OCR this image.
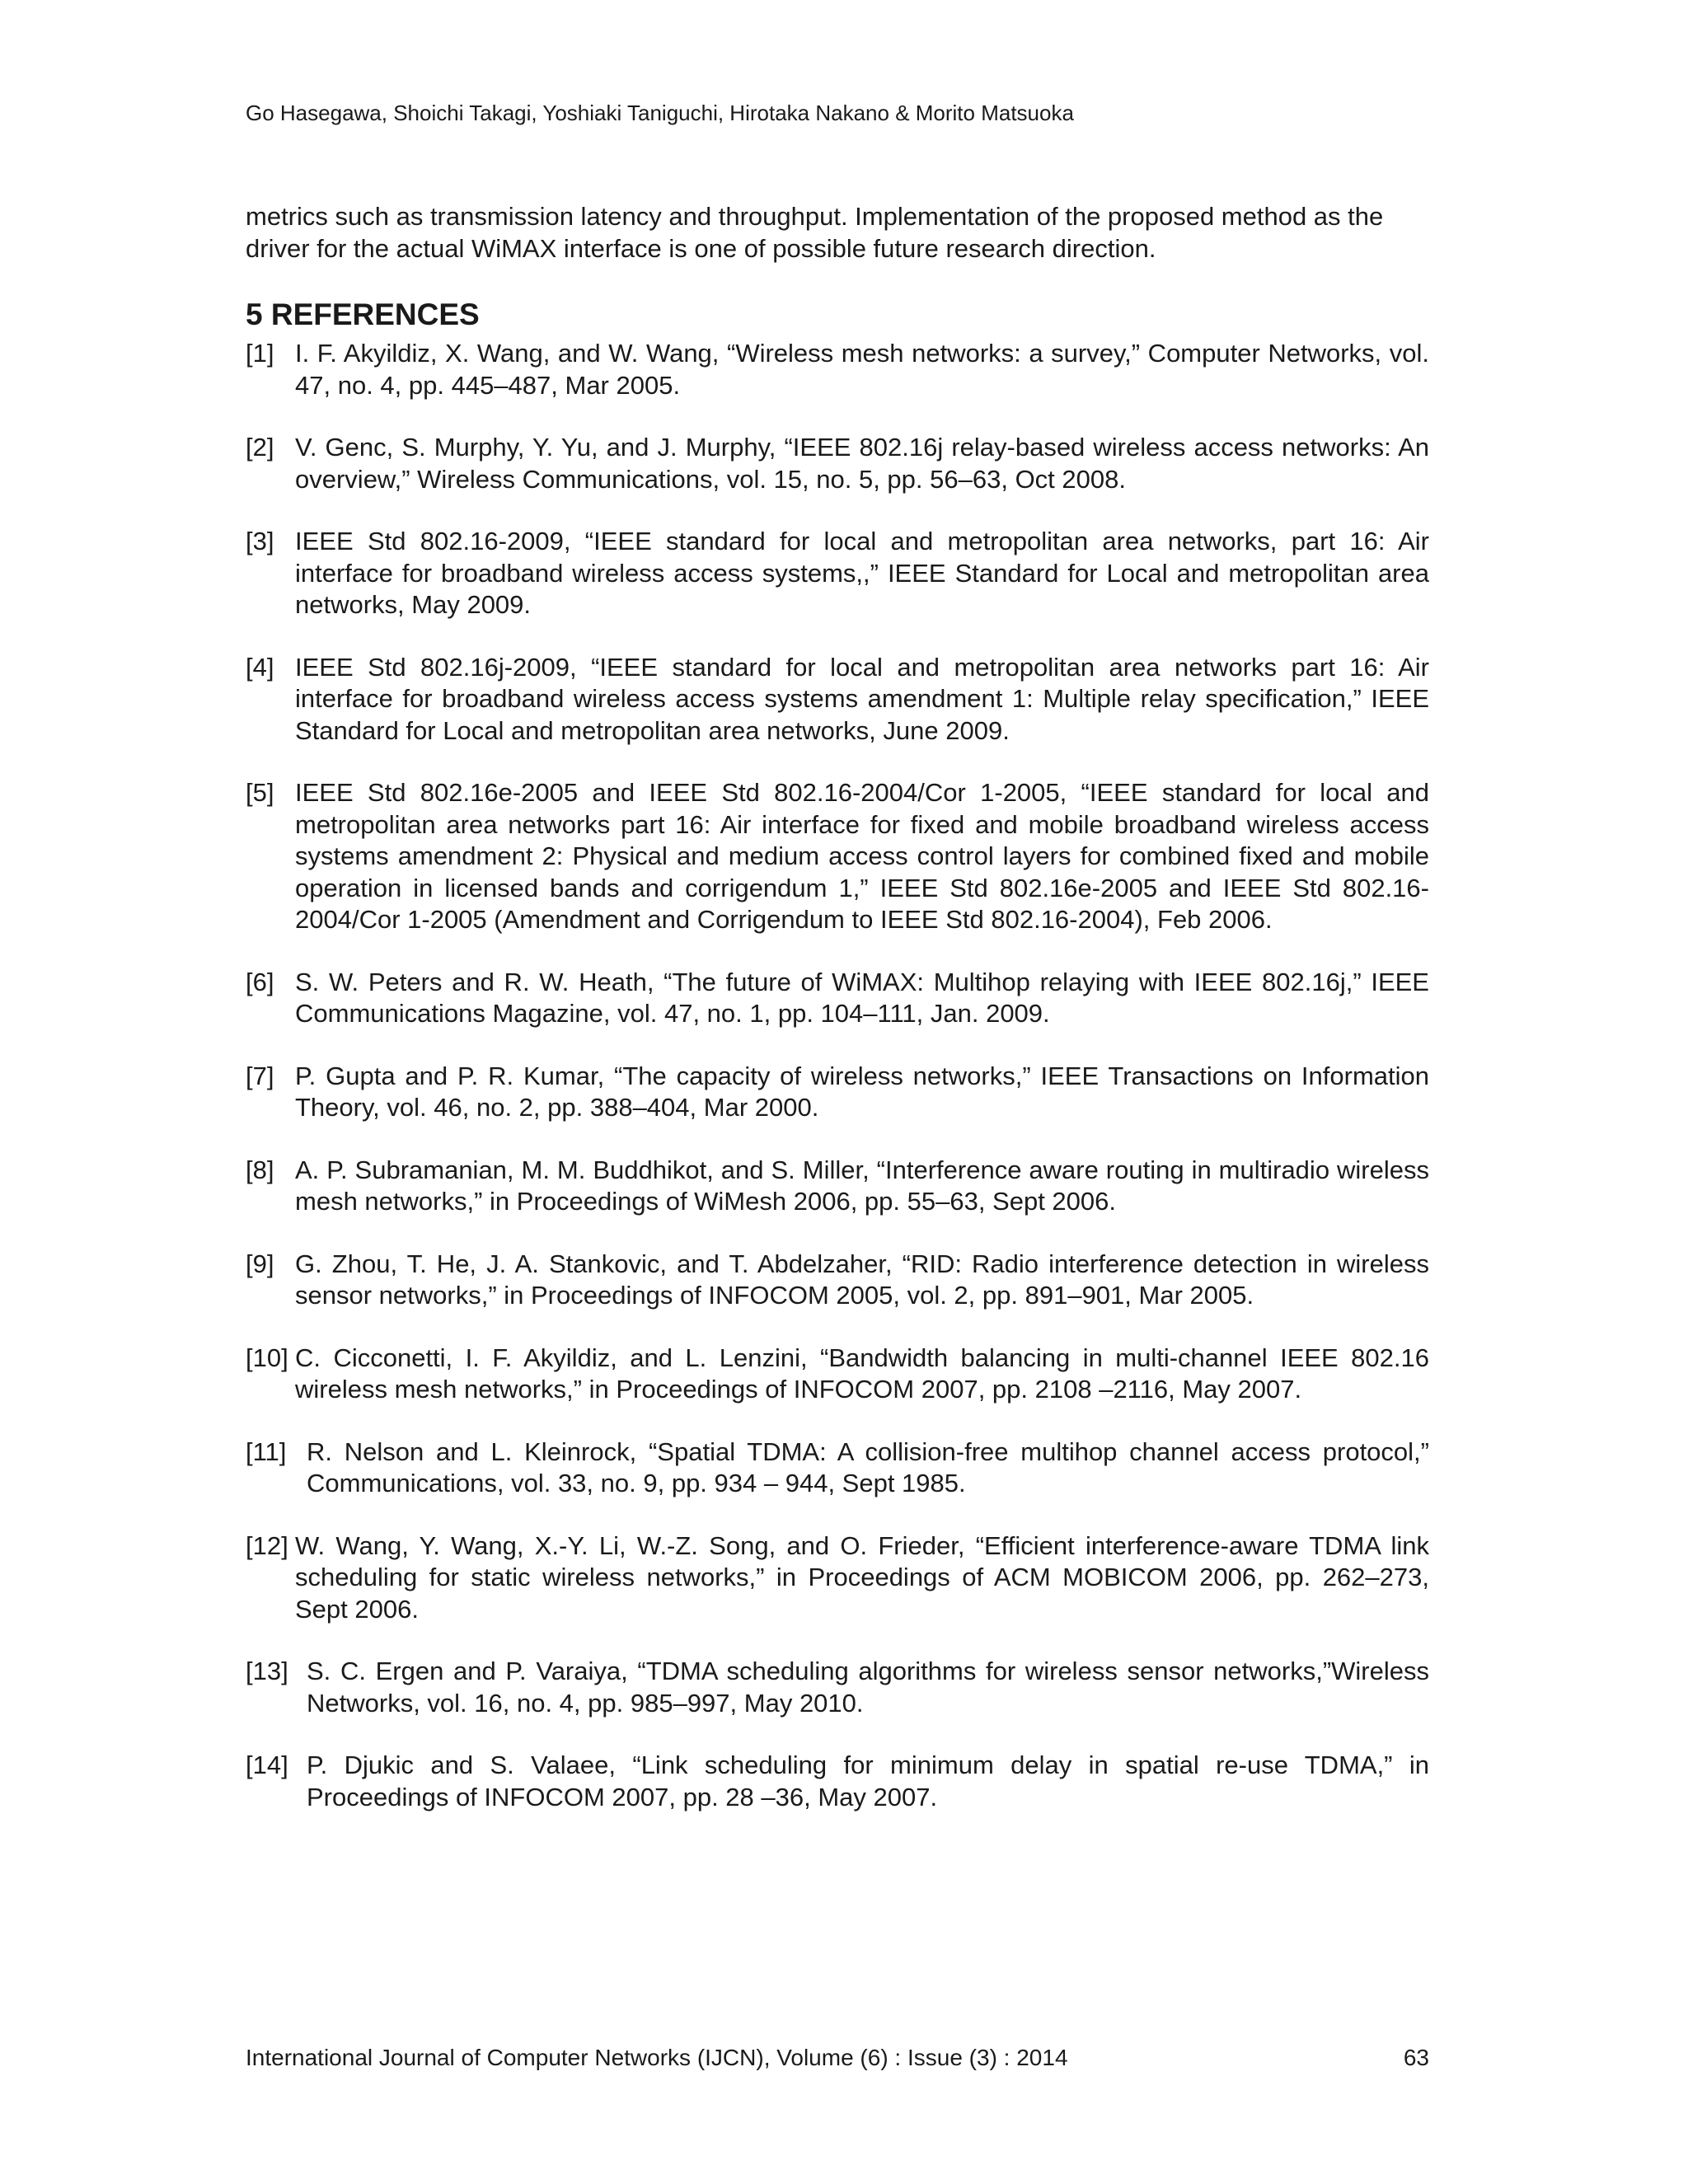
Go Hasegawa, Shoichi Takagi, Yoshiaki Taniguchi, Hirotaka Nakano & Morito Matsuoka
metrics such as transmission latency and throughput. Implementation of the proposed method as the driver for the actual WiMAX interface is one of possible future research direction.
5 REFERENCES
[1] I. F. Akyildiz, X. Wang, and W. Wang, “Wireless mesh networks: a survey,” Computer Networks, vol. 47, no. 4, pp. 445–487, Mar 2005.
[2] V. Genc, S. Murphy, Y. Yu, and J. Murphy, “IEEE 802.16j relay-based wireless access networks: An overview,” Wireless Communications, vol. 15, no. 5, pp. 56–63, Oct 2008.
[3] IEEE Std 802.16-2009, “IEEE standard for local and metropolitan area networks, part 16: Air interface for broadband wireless access systems,,” IEEE Standard for Local and metropolitan area networks, May 2009.
[4] IEEE Std 802.16j-2009, “IEEE standard for local and metropolitan area networks part 16: Air interface for broadband wireless access systems amendment 1: Multiple relay specification,” IEEE Standard for Local and metropolitan area networks, June 2009.
[5] IEEE Std 802.16e-2005 and IEEE Std 802.16-2004/Cor 1-2005, “IEEE standard for local and metropolitan area networks part 16: Air interface for fixed and mobile broadband wireless access systems amendment 2: Physical and medium access control layers for combined fixed and mobile operation in licensed bands and corrigendum 1,” IEEE Std 802.16e-2005 and IEEE Std 802.16-2004/Cor 1-2005 (Amendment and Corrigendum to IEEE Std 802.16-2004), Feb 2006.
[6] S. W. Peters and R. W. Heath, “The future of WiMAX: Multihop relaying with IEEE 802.16j,” IEEE Communications Magazine, vol. 47, no. 1, pp. 104–111, Jan. 2009.
[7] P. Gupta and P. R. Kumar, “The capacity of wireless networks,” IEEE Transactions on Information Theory, vol. 46, no. 2, pp. 388–404, Mar 2000.
[8] A. P. Subramanian, M. M. Buddhikot, and S. Miller, “Interference aware routing in multiradio wireless mesh networks,” in Proceedings of WiMesh 2006, pp. 55–63, Sept 2006.
[9] G. Zhou, T. He, J. A. Stankovic, and T. Abdelzaher, “RID: Radio interference detection in wireless sensor networks,” in Proceedings of INFOCOM 2005, vol. 2, pp. 891–901, Mar 2005.
[10] C. Cicconetti, I. F. Akyildiz, and L. Lenzini, “Bandwidth balancing in multi-channel IEEE 802.16 wireless mesh networks,” in Proceedings of INFOCOM 2007, pp. 2108 –2116, May 2007.
[11] R. Nelson and L. Kleinrock, “Spatial TDMA: A collision-free multihop channel access protocol,” Communications, vol. 33, no. 9, pp. 934 – 944, Sept 1985.
[12] W. Wang, Y. Wang, X.-Y. Li, W.-Z. Song, and O. Frieder, “Efficient interference-aware TDMA link scheduling for static wireless networks,” in Proceedings of ACM MOBICOM 2006, pp. 262–273, Sept 2006.
[13] S. C. Ergen and P. Varaiya, “TDMA scheduling algorithms for wireless sensor networks,”Wireless Networks, vol. 16, no. 4, pp. 985–997, May 2010.
[14] P. Djukic and S. Valaee, “Link scheduling for minimum delay in spatial re-use TDMA,” in Proceedings of INFOCOM 2007, pp. 28 –36, May 2007.
International Journal of Computer Networks (IJCN), Volume (6) : Issue (3) : 2014	63
